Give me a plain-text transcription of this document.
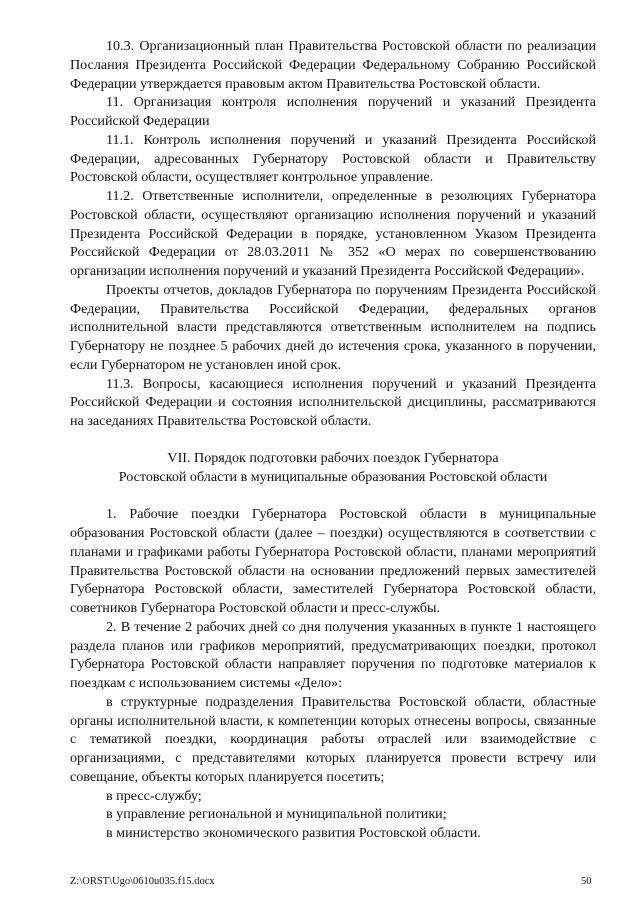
10.3. Организационный план Правительства Ростовской области по реализации Послания Президента Российской Федерации Федеральному Собранию Российской Федерации утверждается правовым актом Правительства Ростовской области.

11. Организация контроля исполнения поручений и указаний Президента Российской Федерации

11.1. Контроль исполнения поручений и указаний Президента Российской Федерации, адресованных Губернатору Ростовской области и Правительству Ростовской области, осуществляет контрольное управление.

11.2. Ответственные исполнители, определенные в резолюциях Губернатора Ростовской области, осуществляют организацию исполнения поручений и указаний Президента Российской Федерации в порядке, установленном Указом Президента Российской Федерации от 28.03.2011 № 352 «О мерах по совершенствованию организации исполнения поручений и указаний Президента Российской Федерации».

Проекты отчетов, докладов Губернатора по поручениям Президента Российской Федерации, Правительства Российской Федерации, федеральных органов исполнительной власти представляются ответственным исполнителем на подпись Губернатору не позднее 5 рабочих дней до истечения срока, указанного в поручении, если Губернатором не установлен иной срок.

11.3. Вопросы, касающиеся исполнения поручений и указаний Президента Российской Федерации и состояния исполнительской дисциплины, рассматриваются на заседаниях Правительства Ростовской области.

VII. Порядок подготовки рабочих поездок Губернатора

Ростовской области в муниципальные образования Ростовской области

1. Рабочие поездки Губернатора Ростовской области в муниципальные образования Ростовской области (далее – поездки) осуществляются в соответствии с планами и графиками работы Губернатора Ростовской области, планами мероприятий Правительства Ростовской области на основании предложений первых заместителей Губернатора Ростовской области, заместителей Губернатора Ростовской области, советников Губернатора Ростовской области и пресс-службы.

2. В течение 2 рабочих дней со дня получения указанных в пункте 1 настоящего раздела планов или графиков мероприятий, предусматривающих поездки, протокол Губернатора Ростовской области направляет поручения по подготовке материалов к поездкам с использованием системы «Дело»:

в структурные подразделения Правительства Ростовской области, областные органы исполнительной власти, к компетенции которых отнесены вопросы, связанные с тематикой поездки, координация работы отраслей или взаимодействие с организациями, с представителями которых планируется провести встречу или совещание, объекты которых планируется посетить;

в пресс-службу;

в управление региональной и муниципальной политики;

в министерство экономического развития Ростовской области.

Z:\ORST\Ugo\0610u035.f15.docx	50
